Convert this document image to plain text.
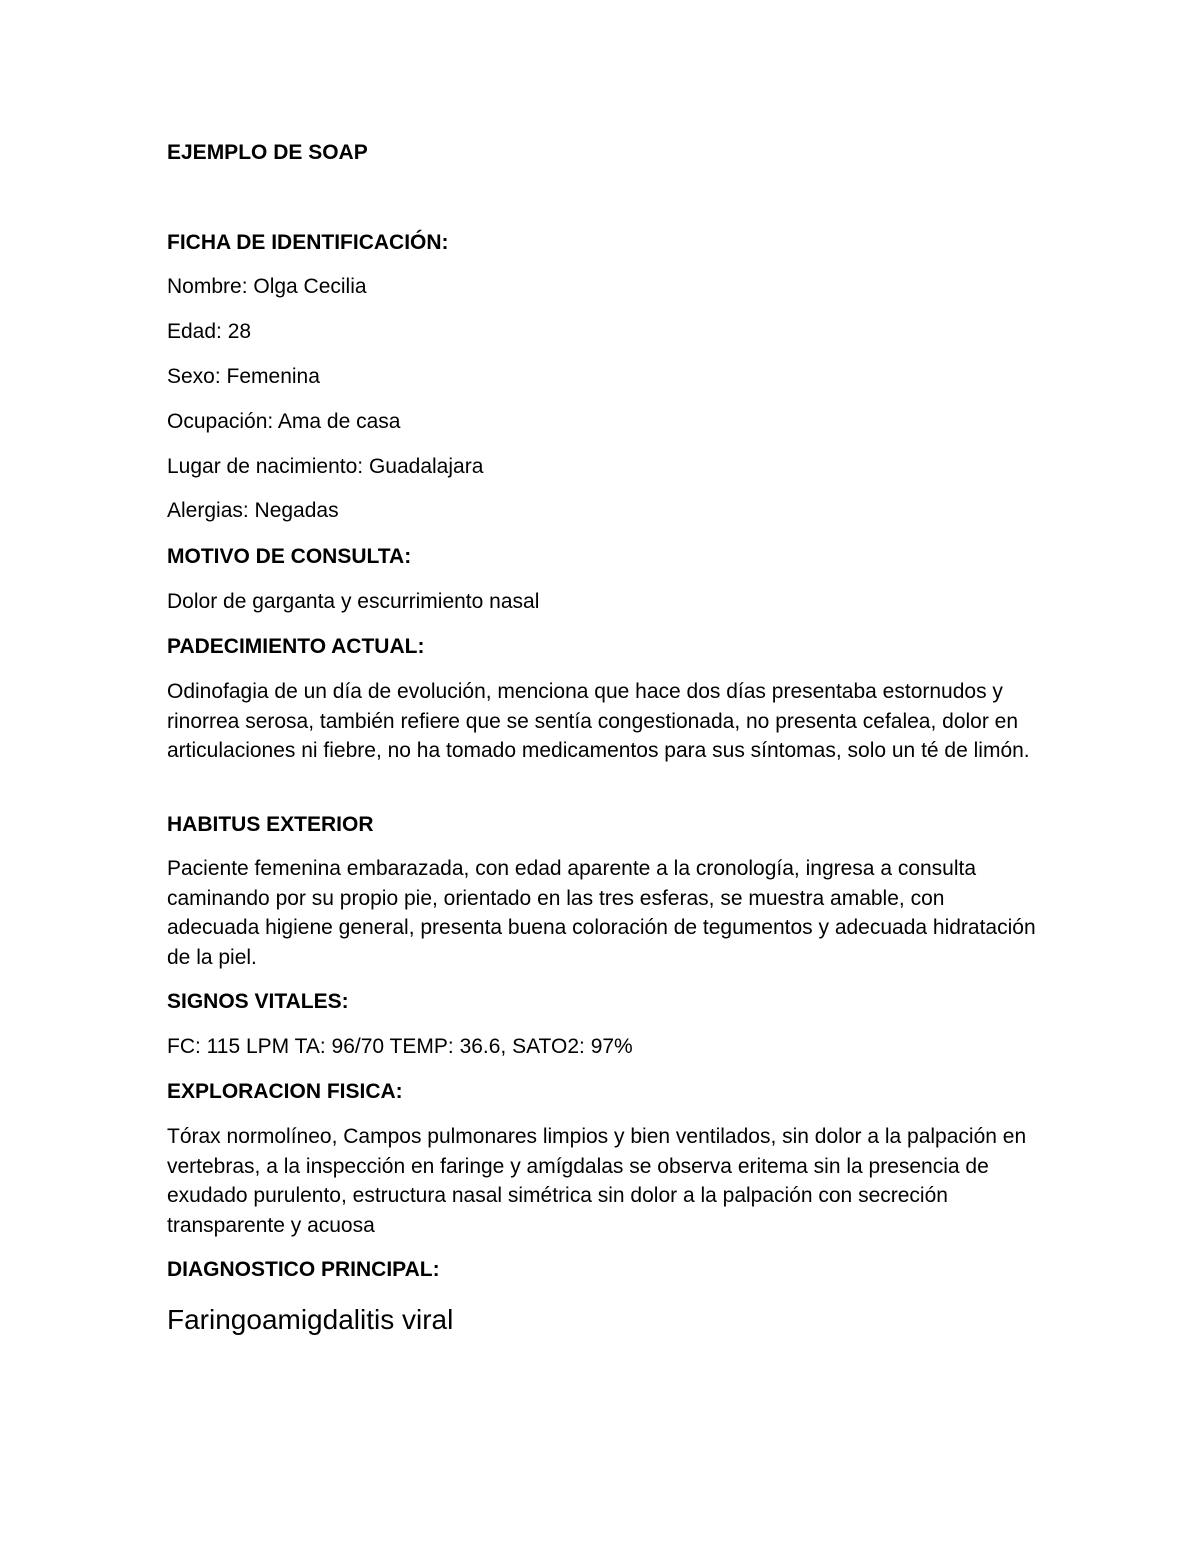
EJEMPLO DE SOAP
FICHA DE IDENTIFICACIÓN:
Nombre: Olga Cecilia
Edad: 28
Sexo: Femenina
Ocupación: Ama de casa
Lugar de nacimiento: Guadalajara
Alergias: Negadas
MOTIVO DE CONSULTA:
Dolor de garganta y escurrimiento nasal
PADECIMIENTO ACTUAL:
Odinofagia de un día de evolución, menciona que hace dos días presentaba estornudos y rinorrea serosa, también refiere que se sentía congestionada, no presenta cefalea, dolor en articulaciones ni fiebre, no ha tomado medicamentos para sus síntomas, solo un té de limón.
HABITUS EXTERIOR
Paciente femenina embarazada, con edad aparente a la cronología, ingresa a consulta caminando por su propio pie, orientado en las tres esferas, se muestra amable, con adecuada higiene general, presenta buena coloración de tegumentos y adecuada hidratación de la piel.
SIGNOS VITALES:
FC: 115 LPM TA: 96/70 TEMP: 36.6, SATO2: 97%
EXPLORACION FISICA:
Tórax normolíneo, Campos pulmonares limpios y bien ventilados, sin dolor a la palpación en vertebras, a la inspección en faringe y amígdalas se observa eritema sin la presencia de exudado purulento, estructura nasal simétrica sin dolor a la palpación con secreción transparente y acuosa
DIAGNOSTICO PRINCIPAL:
Faringoamigdalitis viral
